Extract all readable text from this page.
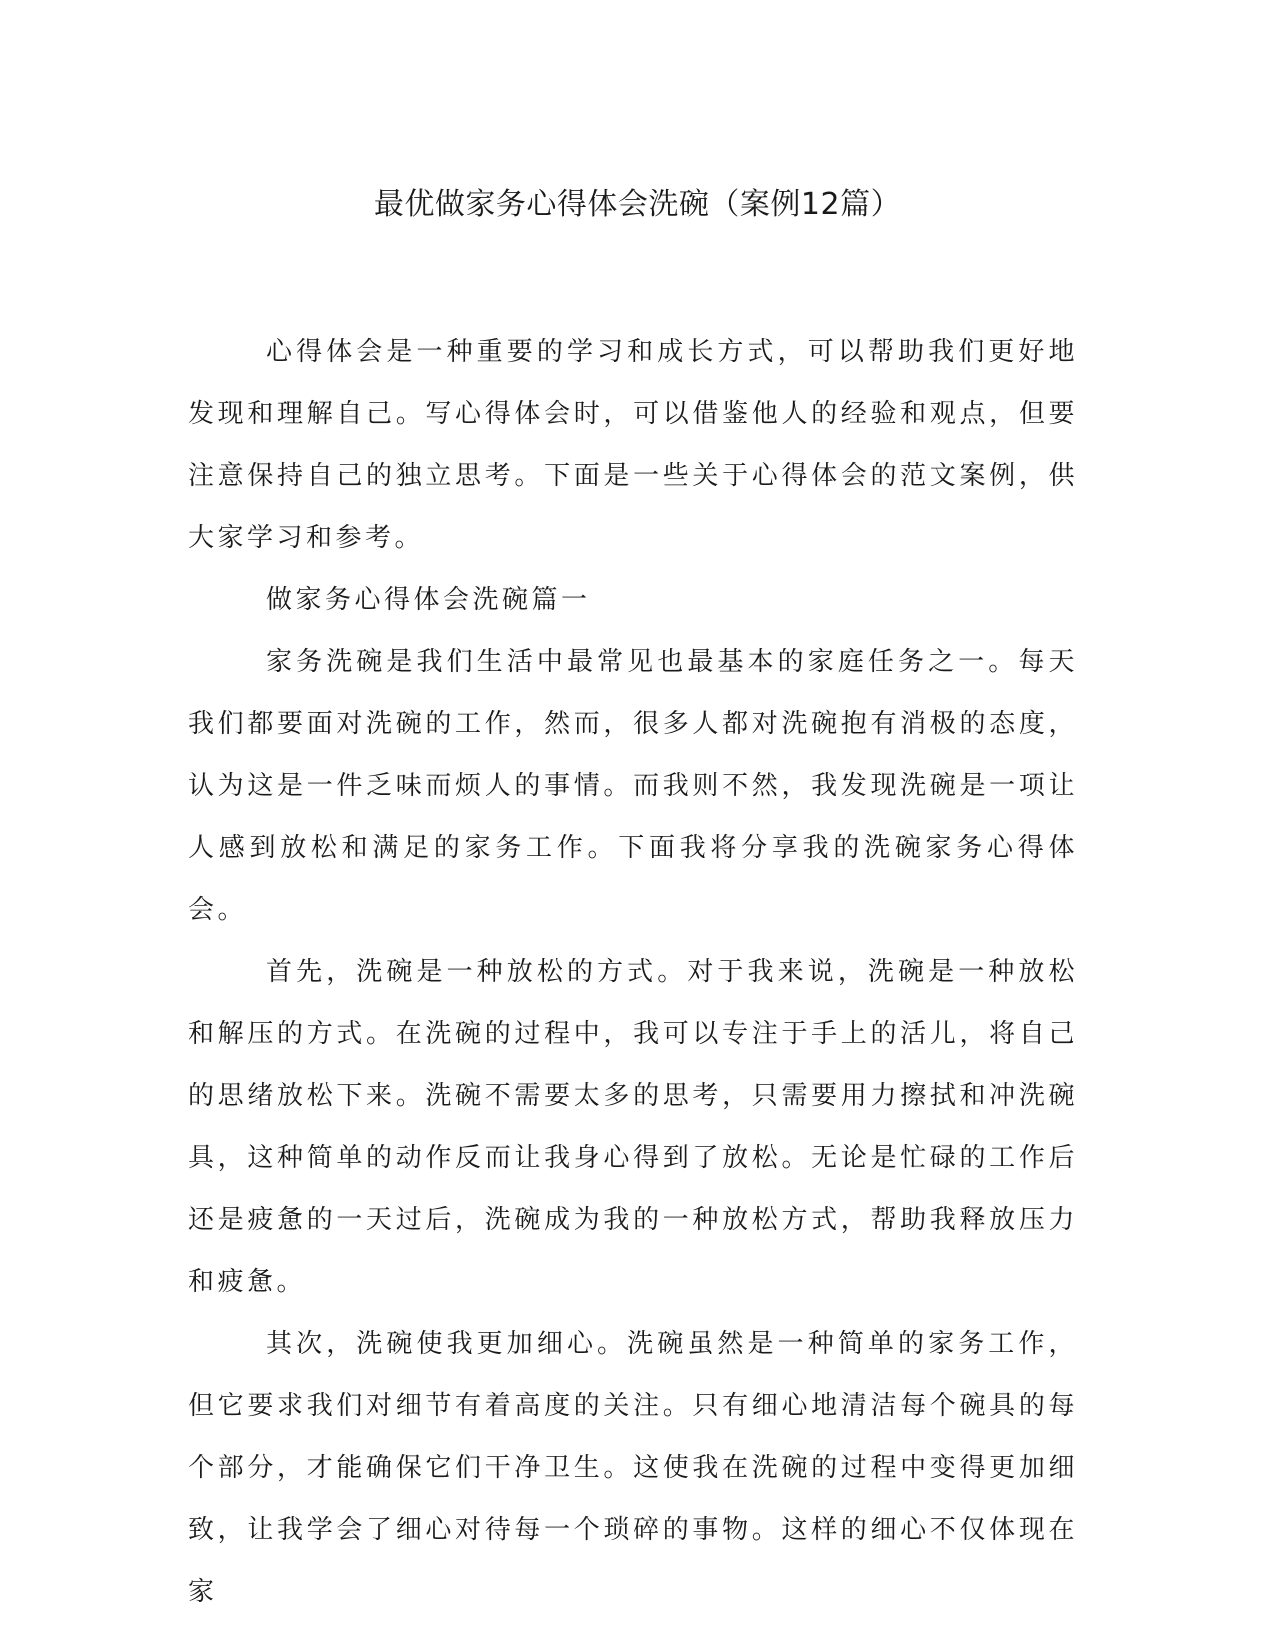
最优做家务心得体会洗碗（案例12篇）

心得体会是一种重要的学习和成长方式，可以帮助我们更好地发现和理解自己。写心得体会时，可以借鉴他人的经验和观点，但要注意保持自己的独立思考。下面是一些关于心得体会的范文案例，供大家学习和参考。

做家务心得体会洗碗篇一

家务洗碗是我们生活中最常见也最基本的家庭任务之一。每天我们都要面对洗碗的工作，然而，很多人都对洗碗抱有消极的态度，认为这是一件乏味而烦人的事情。而我则不然，我发现洗碗是一项让人感到放松和满足的家务工作。下面我将分享我的洗碗家务心得体会。

首先，洗碗是一种放松的方式。对于我来说，洗碗是一种放松和解压的方式。在洗碗的过程中，我可以专注于手上的活儿，将自己的思绪放松下来。洗碗不需要太多的思考，只需要用力擦拭和冲洗碗具，这种简单的动作反而让我身心得到了放松。无论是忙碌的工作后还是疲惫的一天过后，洗碗成为我的一种放松方式，帮助我释放压力和疲惫。

其次，洗碗使我更加细心。洗碗虽然是一种简单的家务工作，但它要求我们对细节有着高度的关注。只有细心地清洁每个碗具的每个部分，才能确保它们干净卫生。这使我在洗碗的过程中变得更加细致，让我学会了细心对待每一个琐碎的事物。这样的细心不仅体现在家
